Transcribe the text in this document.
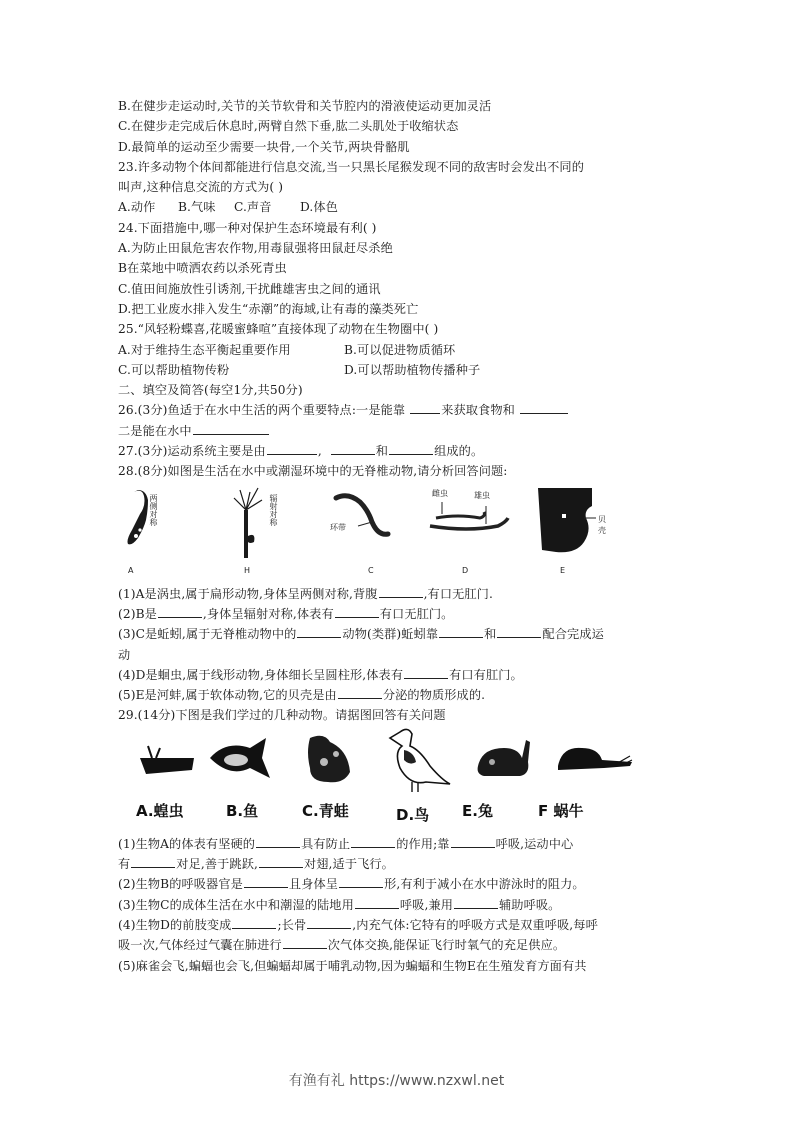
B.在健步走运动时,关节的关节软骨和关节腔内的滑液使运动更加灵活
C.在健步走完成后休息时,两臂自然下垂,肱二头肌处于收缩状态
D.最简单的运动至少需要一块骨,一个关节,两块骨骼肌
23.许多动物个体间都能进行信息交流,当一只黑长尾猴发现不同的敌害时会发出不同的
叫声,这种信息交流的方式为( )
A.动作 B.气味 C.声音 D.体色
24.下面措施中,哪一种对保护生态环境最有利( )
A.为防止田鼠危害农作物,用毒鼠强将田鼠赶尽杀绝
B在菜地中喷洒农药以杀死青虫
C.值田间施放性引诱剂,干扰雌雄害虫之间的通讯
D.把工业废水排入发生“赤潮”的海域,让有毒的藻类死亡
25.“风轻粉蝶喜,花暖蜜蜂喧”直接体现了动物在生物圈中( )
A.对于维持生态平衡起重要作用	B.可以促进物质循环
C.可以帮助植物传粉	D.可以帮助植物传播种子
二、填空及简答(每空1分,共50分)
26.(3分)鱼适于在水中生活的两个重要特点:一是能靠	来获取食物和
二是能在水中
27.(3分)运动系统主要是由	,	和	组成的。
28.(8分)如图是生活在水中或潮湿环境中的无脊椎动物,请分析回答问题:
两侧对称
A
辐射对称
H
环带
C
雌虫	雄虫
D
贝壳
E
(1)A是涡虫,属于扁形动物,身体呈两侧对称,背腹	,有口无肛门.
(2)B是	,身体呈辐射对称,体表有	有口无肛门。
(3)C是蚯蚓,属于无脊椎动物中的	动物(类群)蚯蚓靠	和	配合完成运
动
(4)D是蛔虫,属于线形动物,身体细长呈圆柱形,体表有	有口有肛门。
(5)E是河蚌,属于软体动物,它的贝壳是由	分泌的物质形成的.
29.(14分)下图是我们学过的几种动物。请据图回答有关问题
A.蝗虫	B.鱼	C.青蛙	D.鸟 E.兔	F 蜗牛
(1)生物A的体表有坚硬的	具有防止	的作用;靠	呼吸,运动中心
有	对足,善于跳跃,	对翅,适于飞行。
(2)生物B的呼吸器官是	且身体呈	形,有利于减小在水中游泳时的阻力。
(3)生物C的成体生活在水中和潮湿的陆地用	呼吸,兼用	辅助呼吸。
(4)生物D的前肢变成	;长骨	,内充气体:它特有的呼吸方式是双重呼吸,每呼
吸一次,气体经过气囊在肺进行	次气体交换,能保证飞行时氧气的充足供应。
(5)麻雀会飞,蝙蝠也会飞,但蝙蝠却属于哺乳动物,因为蝙蝠和生物E在生殖发育方面有共
有渔有礼 https://www.nzxwl.net
